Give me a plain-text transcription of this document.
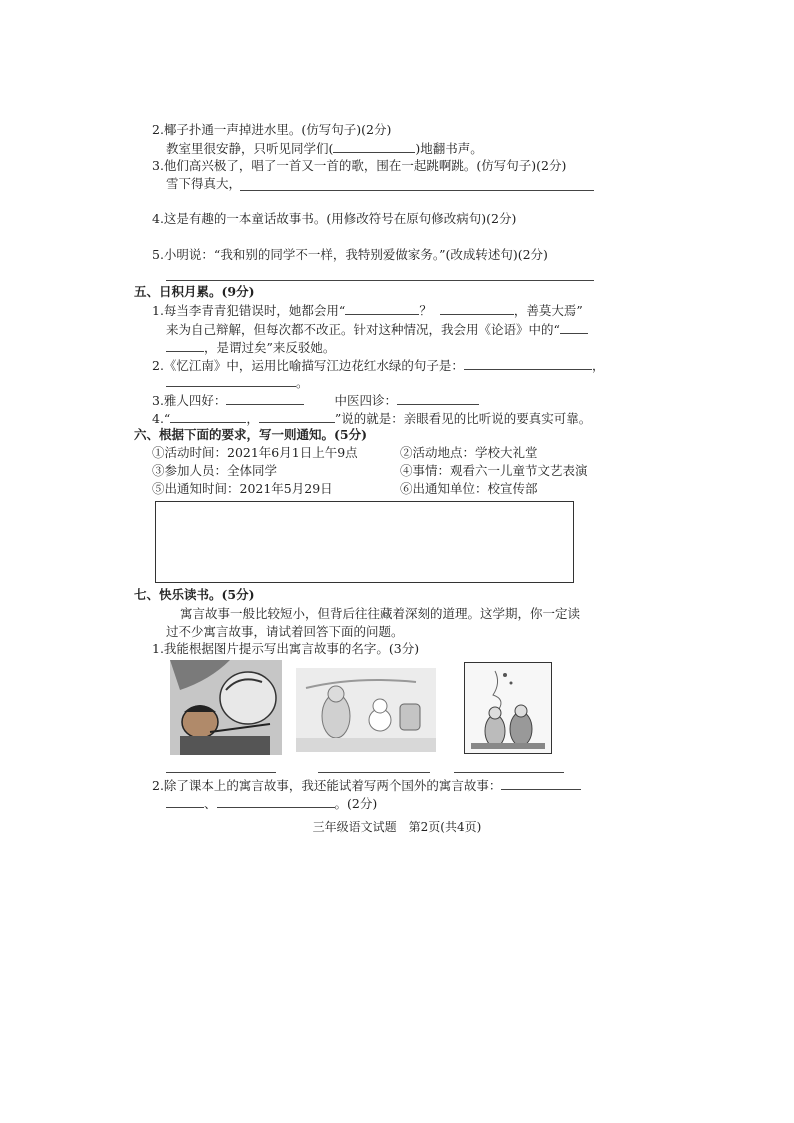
2.椰子扑通一声掉进水里。(仿写句子)(2分)
教室里很安静，只听见同学们(	)地翻书声。
3.他们高兴极了，唱了一首又一首的歌，围在一起跳啊跳。(仿写句子)(2分)
雪下得真大，
4.这是有趣的一本童话故事书。(用修改符号在原句修改病句)(2分)
5.小明说：“我和别的同学不一样，我特别爱做家务。”(改成转述句)(2分)
五、日积月累。(9分)
1.每当李青青犯错误时，她都会用“	？	，善莫大焉”
来为自己辩解，但每次都不改正。针对这种情况，我会用《论语》中的“
，是谓过矣”来反驳她。
2.《忆江南》中，运用比喻描写江边花红水绿的句子是：	，
。
3.雅人四好：	中医四诊：
4.“	，	”说的就是：亲眼看见的比听说的要真实可靠。
六、根据下面的要求，写一则通知。(5分)
①活动时间：2021年6月1日上午9点	②活动地点：学校大礼堂
③参加人员：全体同学	④事情：观看六一儿童节文艺表演
⑤出通知时间：2021年5月29日	⑥出通知单位：校宣传部
七、快乐读书。(5分)
寓言故事一般比较短小，但背后往往藏着深刻的道理。这学期，你一定读
过不少寓言故事，请试着回答下面的问题。
1.我能根据图片提示写出寓言故事的名字。(3分)
2.除了课本上的寓言故事，我还能试着写两个国外的寓言故事：
、	。(2分)
三年级语文试题　第2页(共4页)
